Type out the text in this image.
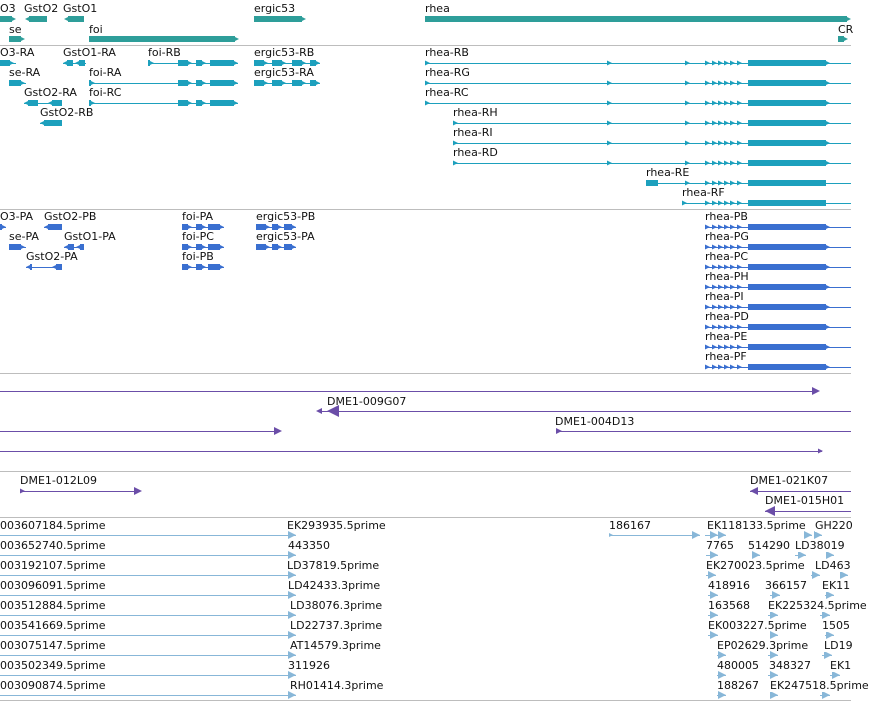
O3 GstO2 GstO1
se	foi
ergic53	rhea
CR
O3-RA	GstO1-RA	foi-RB	ergic53-RB	rhea-RB
se-RA	foi-RA	ergic53-RA	rhea-RG
GstO2-RA foi-RC	rhea-RC
GstO2-RB	rhea-RH
rhea-RI
rhea-RD
rhea-RE
rhea-RF
O3-PA GstO2-PB	foi-PA	ergic53-PB	rhea-PB
se-PA GstO1-PA	foi-PC	ergic53-PA	rhea-PG
GstO2-PA	foi-PB	rhea-PC
rhea-PH
rhea-PI
rhea-PD
rhea-PE
rhea-PF
DME1-009G07
DME1-004D13
DME1-012L09	DME1-021K07
DME1-015H01
003607184.5prime	EK293935.5prime	186167	EK118133.5prime GH220
003652740.5prime	443350	7765 514290 LD38019
003192107.5prime	LD37819.5prime	EK270023.5prime LD463
003096091.5prime	LD42433.3prime	418916 366157 EK11
003512884.5prime	LD38076.3prime	163568 EK225324.5prime
003541669.5prime	LD22737.3prime	EK003227.5prime 1505
003075147.5prime	AT14579.3prime	EP02629.3prime LD19
003502349.5prime	311926	480005 348327 EK1
003090874.5prime	RH01414.3prime	188267 EK247518.5prime
